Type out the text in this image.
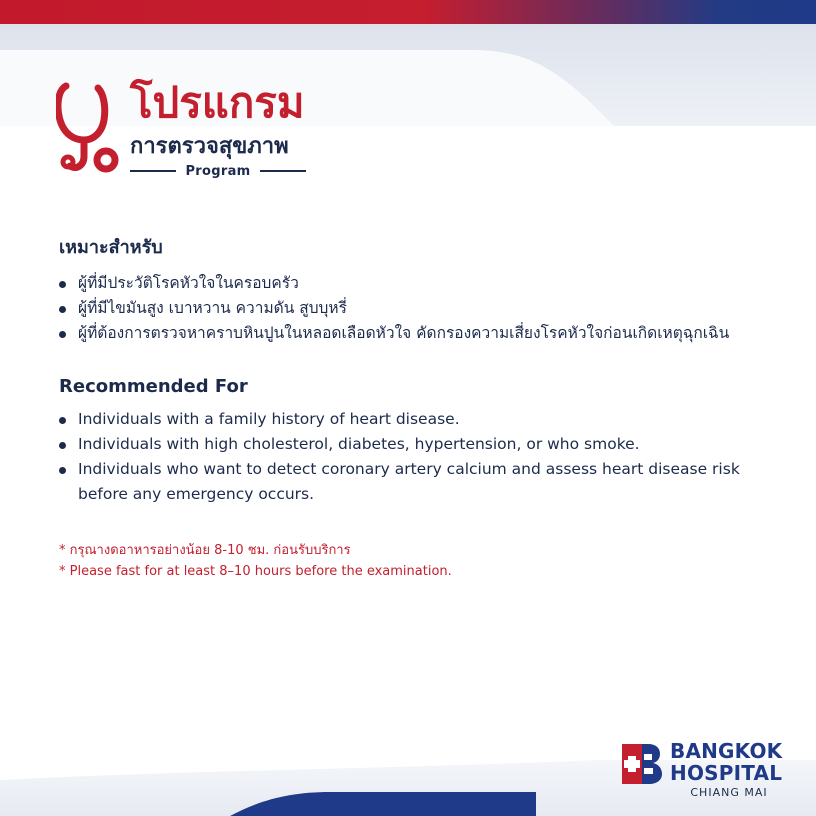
โปรแกรม
การตรวจสุขภาพ
Program
เหมาะสำหรับ
ผู้ที่มีประวัติโรคหัวใจในครอบครัว
ผู้ที่มีไขมันสูง เบาหวาน ความดัน สูบบุหรี่
ผู้ที่ต้องการตรวจหาคราบหินปูนในหลอดเลือดหัวใจ คัดกรองความเสี่ยงโรคหัวใจก่อนเกิดเหตุฉุกเฉิน
Recommended For
Individuals with a family history of heart disease.
Individuals with high cholesterol, diabetes, hypertension, or who smoke.
Individuals who want to detect coronary artery calcium and assess heart disease risk before any emergency occurs.
* กรุณางดอาหารอย่างน้อย 8-10 ชม. ก่อนรับบริการ
* Please fast for at least 8–10 hours before the examination.
BANGKOK
HOSPITAL
CHIANG MAI
